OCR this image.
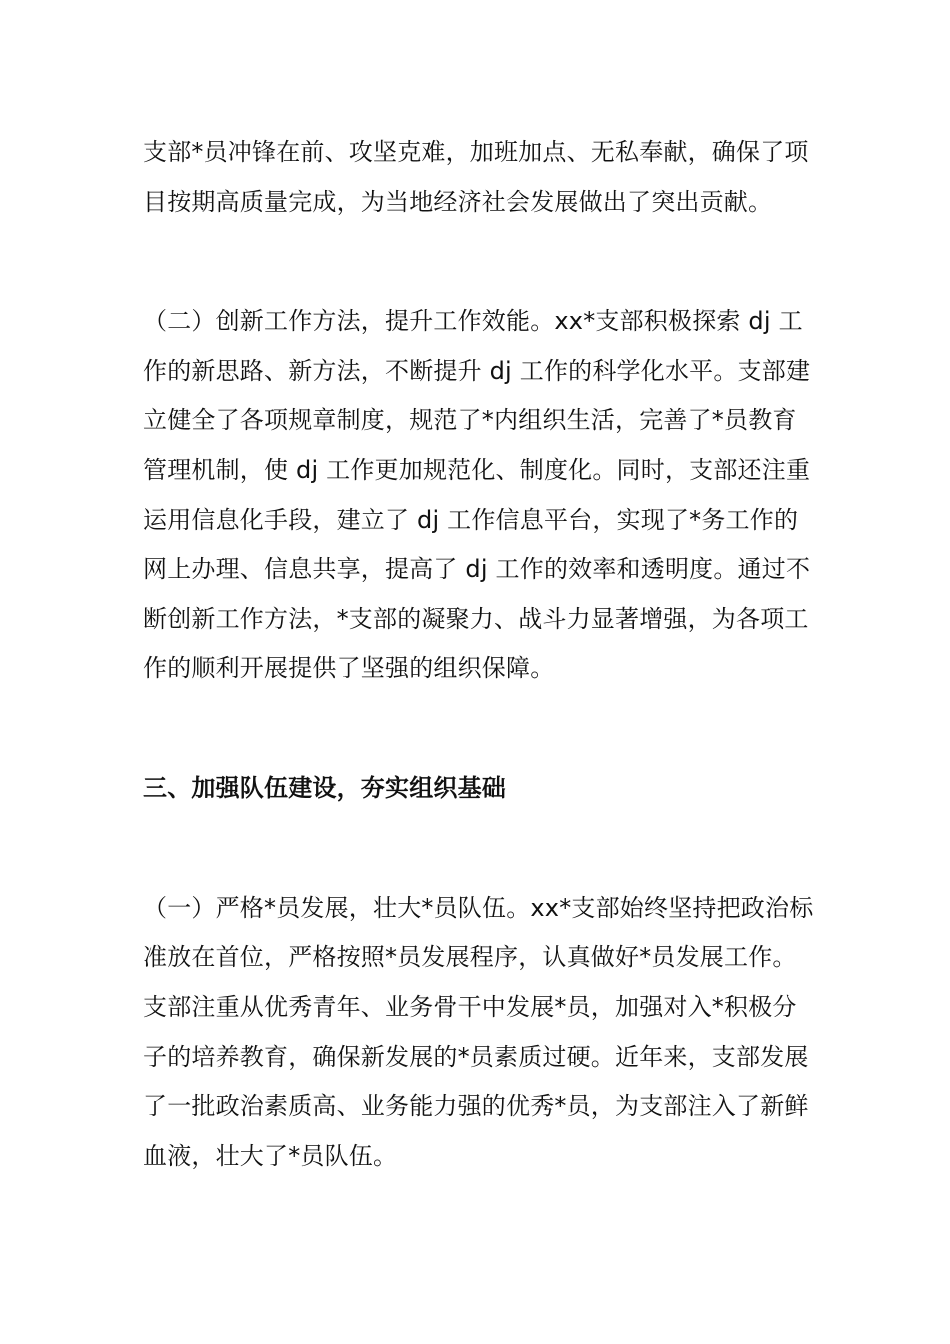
支部*员冲锋在前、攻坚克难，加班加点、无私奉献，确保了项
目按期高质量完成，为当地经济社会发展做出了突出贡献。
（二）创新工作方法，提升工作效能。xx*支部积极探索 dj 工
作的新思路、新方法，不断提升 dj 工作的科学化水平。支部建
立健全了各项规章制度，规范了*内组织生活，完善了*员教育
管理机制，使 dj 工作更加规范化、制度化。同时，支部还注重
运用信息化手段，建立了 dj 工作信息平台，实现了*务工作的
网上办理、信息共享，提高了 dj 工作的效率和透明度。通过不
断创新工作方法，*支部的凝聚力、战斗力显著增强，为各项工
作的顺利开展提供了坚强的组织保障。
三、加强队伍建设，夯实组织基础
（一）严格*员发展，壮大*员队伍。xx*支部始终坚持把政治标
准放在首位，严格按照*员发展程序，认真做好*员发展工作。
支部注重从优秀青年、业务骨干中发展*员，加强对入*积极分
子的培养教育，确保新发展的*员素质过硬。近年来，支部发展
了一批政治素质高、业务能力强的优秀*员，为支部注入了新鲜
血液，壮大了*员队伍。
